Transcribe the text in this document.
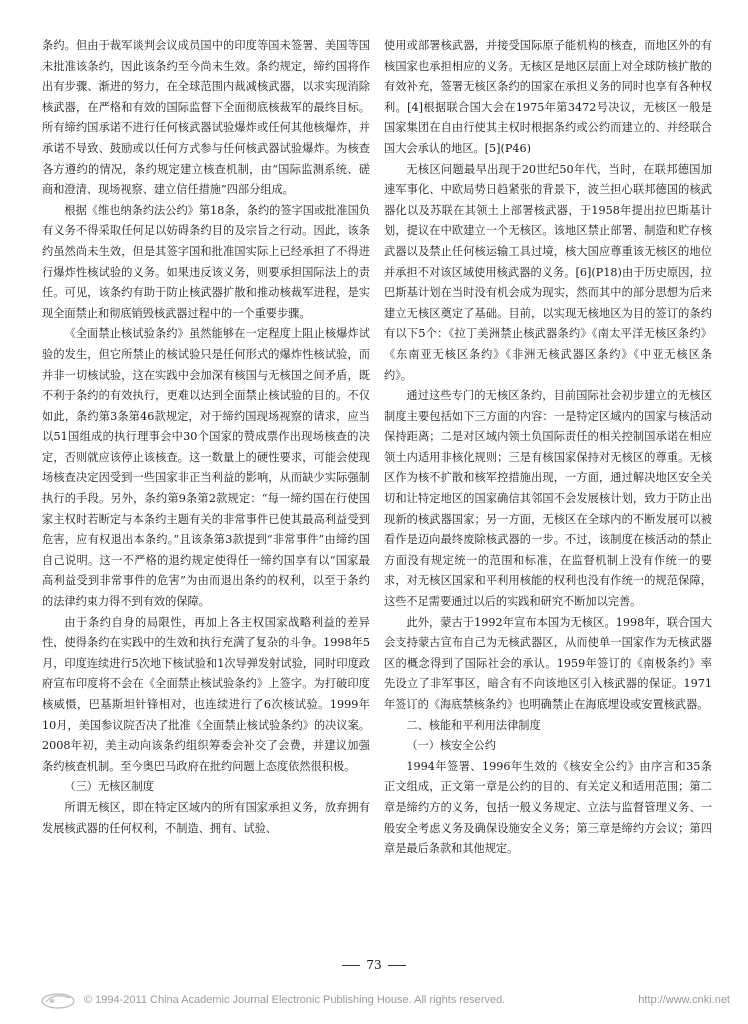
条约。但由于裁军谈判会议成员国中的印度等国未签署、美国等国未批准该条约，因此该条约至今尚未生效。条约规定，缔约国将作出有步骤、渐进的努力，在全球范围内裁减核武器，以求实现消除核武器，在严格和有效的国际监督下全面彻底核裁军的最终目标。所有缔约国承诺不进行任何核武器试验爆炸或任何其他核爆炸，并承诺不导致、鼓励或以任何方式参与任何核武器试验爆炸。为核查各方遵约的情况，条约规定建立核查机制，由“国际监测系统、磋商和澄清、现场视察、建立信任措施”四部分组成。

根据《维也纳条约法公约》第18条，条约的签字国或批准国负有义务不得采取任何足以妨碍条约目的及宗旨之行动。因此，该条约虽然尚未生效，但是其签字国和批准国实际上已经承担了不得进行爆炸性核试验的义务。如果违反该义务，则要承担国际法上的责任。可见，该条约有助于防止核武器扩散和推动核裁军进程，是实现全面禁止和彻底销毁核武器过程中的一个重要步骤。

《全面禁止核试验条约》虽然能够在一定程度上阻止核爆炸试验的发生，但它所禁止的核试验只是任何形式的爆炸性核试验，而并非一切核试验，这在实践中会加深有核国与无核国之间矛盾，既不利于条约的有效执行，更难以达到全面禁止核试验的目的。不仅如此，条约第3条第46款规定，对于缔约国现场视察的请求，应当以51国组成的执行理事会中30个国家的赞成票作出现场核查的决定，否则就应该停止该核查。这一数量上的硬性要求，可能会使现场核查决定因受到一些国家非正当利益的影响，从而缺少实际强制执行的手段。另外，条约第9条第2款规定：“每一缔约国在行使国家主权时若断定与本条约主题有关的非常事件已使其最高利益受到危害，应有权退出本条约。”且该条第3款提到“非常事件”由缔约国自己说明。这一不严格的退约规定使得任一缔约国享有以“国家最高利益受到非常事件的危害”为由而退出条约的权利，以至于条约的法律约束力得不到有效的保障。

由于条约自身的局限性，再加上各主权国家战略利益的差异性，使得条约在实践中的生效和执行充满了复杂的斗争。1998年5月，印度连续进行5次地下核试验和1次导弹发射试验，同时印度政府宣布印度将不会在《全面禁止核试验条约》上签字。为打破印度核威慑，巴基斯坦针锋相对，也连续进行了6次核试验。1999年10月，美国参议院否决了批准《全面禁止核试验条约》的决议案。2008年初，美主动向该条约组织筹委会补交了会费，并建议加强条约核查机制。至今奥巴马政府在批约问题上态度依然很积极。

（三）无核区制度

所谓无核区，即在特定区域内的所有国家承担义务，放弃拥有发展核武器的任何权利，不制造、拥有、试验、

使用或部署核武器，并接受国际原子能机构的核查，而地区外的有核国家也承担相应的义务。无核区是地区层面上对全球防核扩散的有效补充，签署无核区条约的国家在承担义务的同时也享有各种权利。[4]根据联合国大会在1975年第3472号决议，无核区一般是国家集团在自由行使其主权时根据条约或公约而建立的、并经联合国大会承认的地区。[5](P46)

无核区问题最早出现于20世纪50年代，当时，在联邦德国加速军事化、中欧局势日趋紧张的背景下，波兰担心联邦德国的核武器化以及苏联在其领土上部署核武器，于1958年提出拉巴斯基计划，提议在中欧建立一个无核区。该地区禁止部署、制造和贮存核武器以及禁止任何核运输工具过境，核大国应尊重该无核区的地位并承担不对该区域使用核武器的义务。[6](P18)由于历史原因，拉巴斯基计划在当时没有机会成为现实，然而其中的部分思想为后来建立无核区奠定了基础。目前，以实现无核地区为目的签订的条约有以下5个：《拉丁美洲禁止核武器条约》《南太平洋无核区条约》《东南亚无核区条约》《非洲无核武器区条约》《中亚无核区条约》。

通过这些专门的无核区条约，目前国际社会初步建立的无核区制度主要包括如下三方面的内容：一是特定区域内的国家与核活动保持距离；二是对区域内领土负国际责任的相关控制国承诺在相应领土内适用非核化规则；三是有核国家保持对无核区的尊重。无核区作为核不扩散和核军控措施出现，一方面，通过解决地区安全关切和让特定地区的国家确信其邻国不会发展核计划，致力于防止出现新的核武器国家；另一方面，无核区在全球内的不断发展可以被看作是迈向最终废除核武器的一步。不过，该制度在核活动的禁止方面没有规定统一的范围和标准，在监督机制上没有作统一的要求，对无核区国家和平利用核能的权利也没有作统一的规范保障，这些不足需要通过以后的实践和研究不断加以完善。

此外，蒙古于1992年宣布本国为无核区。1998年，联合国大会支持蒙古宣布自己为无核武器区，从而使单一国家作为无核武器区的概念得到了国际社会的承认。1959年签订的《南极条约》率先设立了非军事区，暗含有不向该地区引入核武器的保证。1971年签订的《海底禁核条约》也明确禁止在海底埋设或安置核武器。

二、核能和平利用法律制度
（一）核安全公约

1994年签署、1996年生效的《核安全公约》由序言和35条正文组成，正文第一章是公约的目的、有关定义和适用范围；第二章是缔约方的义务，包括一般义务规定、立法与监督管理义务、一般安全考虑义务及确保设施安全义务；第三章是缔约方会议；第四章是最后条款和其他规定。

73
© 1994-2011 China Academic Journal Electronic Publishing House. All rights reserved.	http://www.cnki.net
